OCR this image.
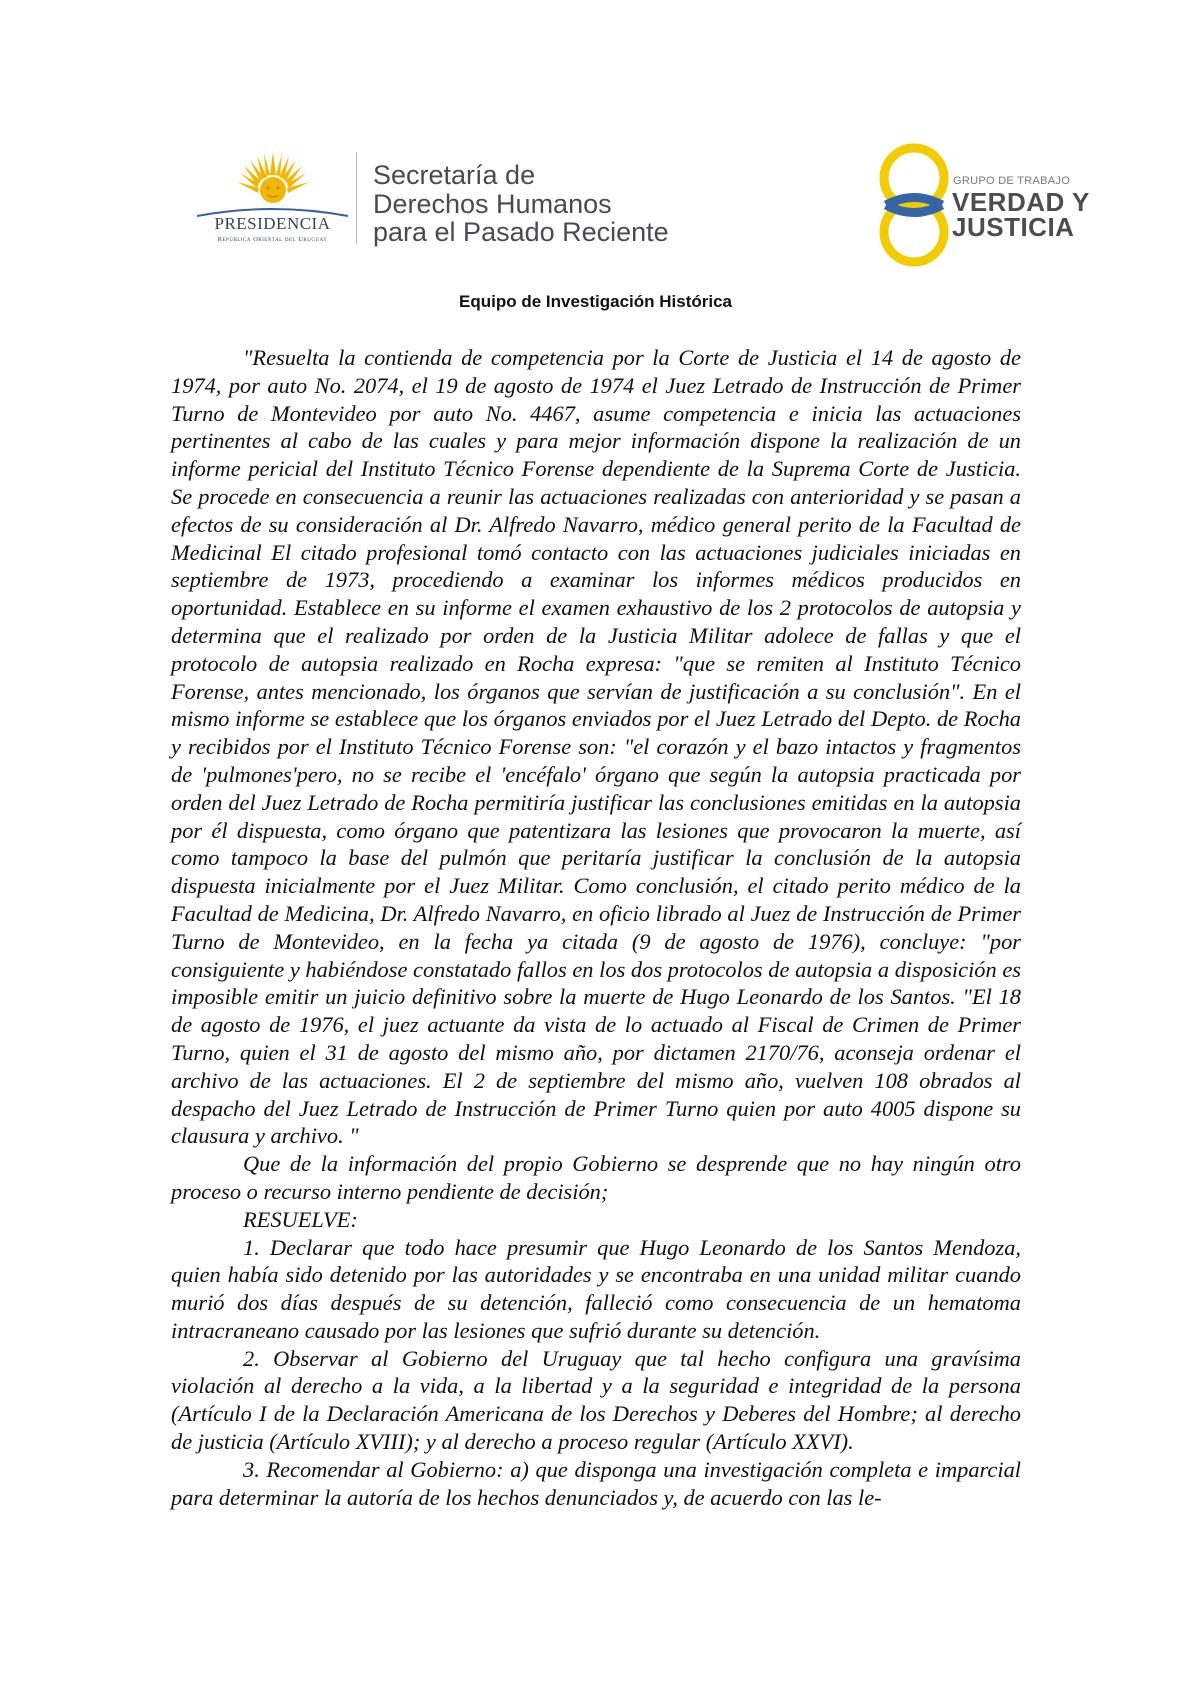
PRESIDENCIA
República Oriental del Uruguay
Secretaría de
Derechos Humanos
para el Pasado Reciente
GRUPO DE TRABAJO
VERDAD Y
JUSTICIA
Equipo de Investigación Histórica

"Resuelta la contienda de competencia por la Corte de Justicia el 14 de agosto de 1974, por auto No. 2074, el 19 de agosto de 1974 el Juez Letrado de Instrucción de Primer Turno de Montevideo por auto No. 4467, asume competencia e inicia las actuaciones pertinentes al cabo de las cuales y para mejor información dispone la realización de un informe pericial del Instituto Técnico Forense dependiente de la Suprema Corte de Justicia. Se procede en consecuencia a reunir las actuaciones realizadas con anterioridad y se pasan a efectos de su consideración al Dr. Alfredo Navarro, médico general perito de la Facultad de Medicinal El citado profesional tomó contacto con las actuaciones judiciales iniciadas en septiembre de 1973, procediendo a examinar los informes médicos producidos en oportunidad. Establece en su informe el examen exhaustivo de los 2 protocolos de autopsia y determina que el realizado por orden de la Justicia Militar adolece de fallas y que el protocolo de autopsia realizado en Rocha expresa: "que se remiten al Instituto Técnico Forense, antes mencionado, los órganos que servían de justificación a su conclusión". En el mismo informe se establece que los órganos enviados por el Juez Letrado del Depto. de Rocha y recibidos por el Instituto Técnico Forense son: "el corazón y el bazo intactos y fragmentos de 'pulmones'pero, no se recibe el 'encéfalo' órgano que según la autopsia practicada por orden del Juez Letrado de Rocha permitiría justificar las conclusiones emitidas en la autopsia por él dispuesta, como órgano que patentizara las lesiones que provocaron la muerte, así como tampoco la base del pulmón que peritaría justificar la conclusión de la autopsia dispuesta inicialmente por el Juez Militar. Como conclusión, el citado perito médico de la Facultad de Medicina, Dr. Alfredo Navarro, en oficio librado al Juez de Instrucción de Primer Turno de Montevideo, en la fecha ya citada (9 de agosto de 1976), concluye: "por consiguiente y habiéndose constatado fallos en los dos protocolos de autopsia a disposición es imposible emitir un juicio definitivo sobre la muerte de Hugo Leonardo de los Santos. "El 18 de agosto de 1976, el juez actuante da vista de lo actuado al Fiscal de Crimen de Primer Turno, quien el 31 de agosto del mismo año, por dictamen 2170/76, aconseja ordenar el archivo de las actuaciones. El 2 de septiembre del mismo año, vuelven 108 obrados al despacho del Juez Letrado de Instrucción de Primer Turno quien por auto 4005 dispone su clausura y archivo. "

Que de la información del propio Gobierno se desprende que no hay ningún otro proceso o recurso interno pendiente de decisión;

RESUELVE:

1. Declarar que todo hace presumir que Hugo Leonardo de los Santos Mendoza, quien había sido detenido por las autoridades y se encontraba en una unidad militar cuando murió dos días después de su detención, falleció como consecuencia de un hematoma intracraneano causado por las lesiones que sufrió durante su detención.

2. Observar al Gobierno del Uruguay que tal hecho configura una gravísima violación al derecho a la vida, a la libertad y a la seguridad e integridad de la persona (Artículo I de la Declaración Americana de los Derechos y Deberes del Hombre; al derecho de justicia (Artículo XVIII); y al derecho a proceso regular (Artículo XXVI).

3. Recomendar al Gobierno: a) que disponga una investigación completa e imparcial para determinar la autoría de los hechos denunciados y, de acuerdo con las le-
